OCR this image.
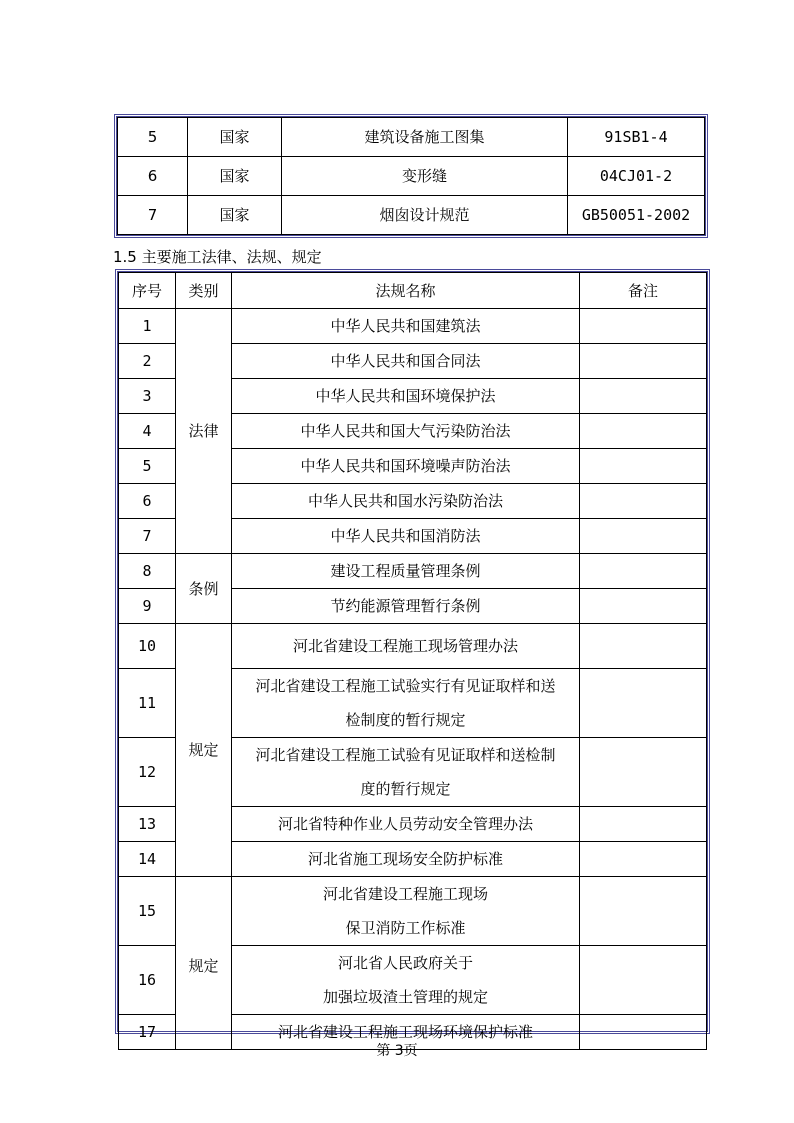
5	国家	建筑设备施工图集	91SB1-4
6	国家	变形缝	04CJ01-2
7	国家	烟囱设计规范	GB50051-2002
1.5 主要施工法律、法规、规定
序号	类别	法规名称	备注
1	法律	中华人民共和国建筑法	
2		中华人民共和国合同法	
3		中华人民共和国环境保护法	
4		中华人民共和国大气污染防治法	
5		中华人民共和国环境噪声防治法	
6		中华人民共和国水污染防治法	
7		中华人民共和国消防法	
8	条例	建设工程质量管理条例	
9		节约能源管理暂行条例	
10	规定	河北省建设工程施工现场管理办法	
11		河北省建设工程施工试验实行有见证取样和送
检制度的暂行规定	

12		河北省建设工程施工试验有见证取样和送检制
度的暂行规定	

13		河北省特种作业人员劳动安全管理办法	
14		河北省施工现场安全防护标准	
15	规定	河北省建设工程施工现场
保卫消防工作标准	

16		河北省人民政府关于
加强垃圾渣土管理的规定	

17		河北省建设工程施工现场环境保护标准	
第 3页
